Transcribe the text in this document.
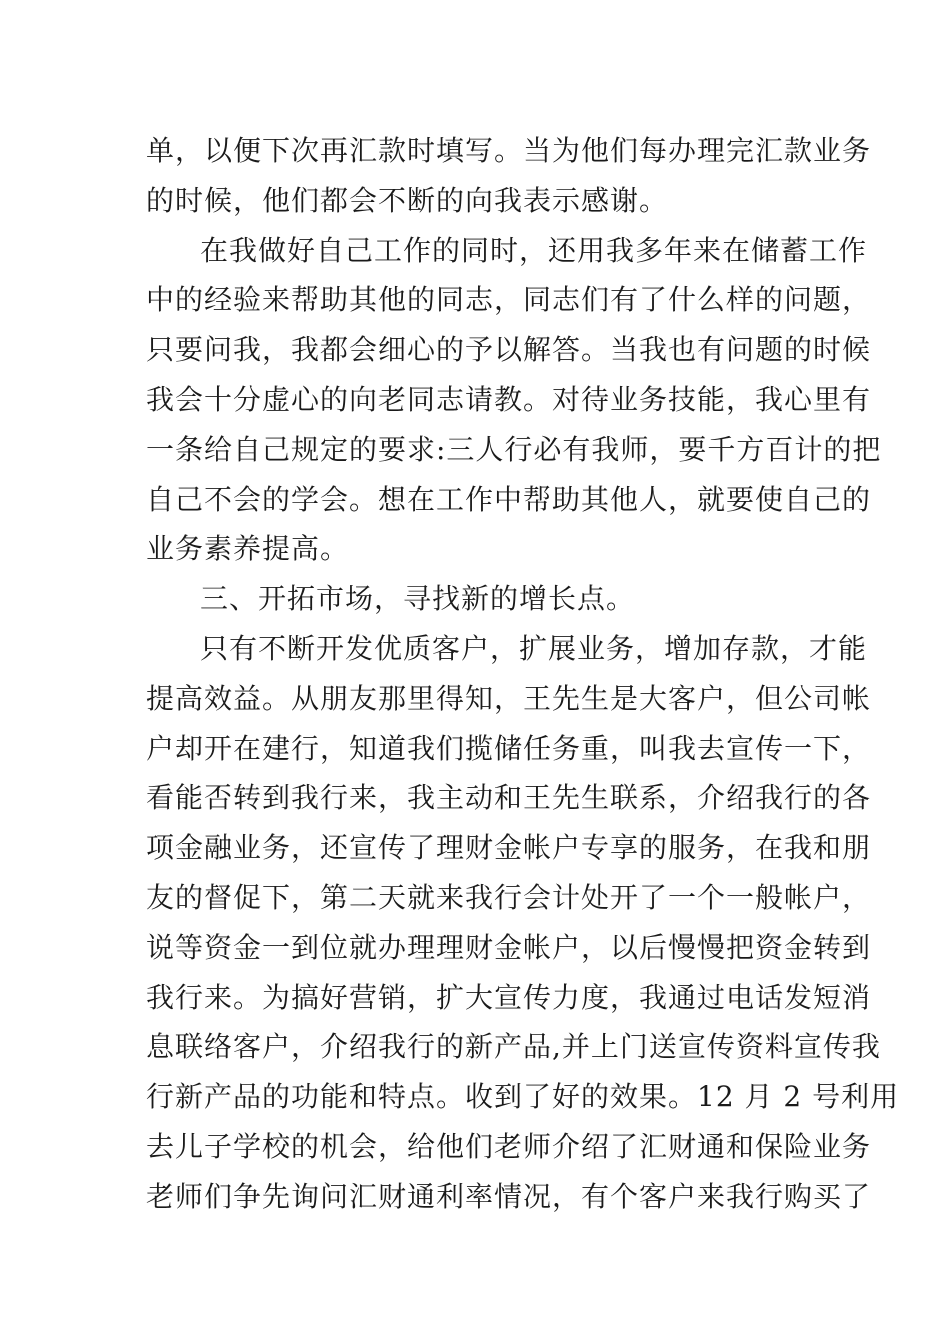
单，以便下次再汇款时填写。当为他们每办理完汇款业务
的时候，他们都会不断的向我表示感谢。
在我做好自己工作的同时，还用我多年来在储蓄工作
中的经验来帮助其他的同志，同志们有了什么样的问题，
只要问我，我都会细心的予以解答。当我也有问题的时候
我会十分虚心的向老同志请教。对待业务技能，我心里有
一条给自己规定的要求:三人行必有我师，要千方百计的把
自己不会的学会。想在工作中帮助其他人，就要使自己的
业务素养提高。
三、开拓市场，寻找新的增长点。
只有不断开发优质客户，扩展业务，增加存款，才能
提高效益。从朋友那里得知，王先生是大客户，但公司帐
户却开在建行，知道我们揽储任务重，叫我去宣传一下，
看能否转到我行来，我主动和王先生联系，介绍我行的各
项金融业务，还宣传了理财金帐户专享的服务，在我和朋
友的督促下，第二天就来我行会计处开了一个一般帐户，
说等资金一到位就办理理财金帐户，以后慢慢把资金转到
我行来。为搞好营销，扩大宣传力度，我通过电话发短消
息联络客户，介绍我行的新产品,并上门送宣传资料宣传我
行新产品的功能和特点。收到了好的效果。12 月 2 号利用
去儿子学校的机会，给他们老师介绍了汇财通和保险业务
老师们争先询问汇财通利率情况，有个客户来我行购买了
